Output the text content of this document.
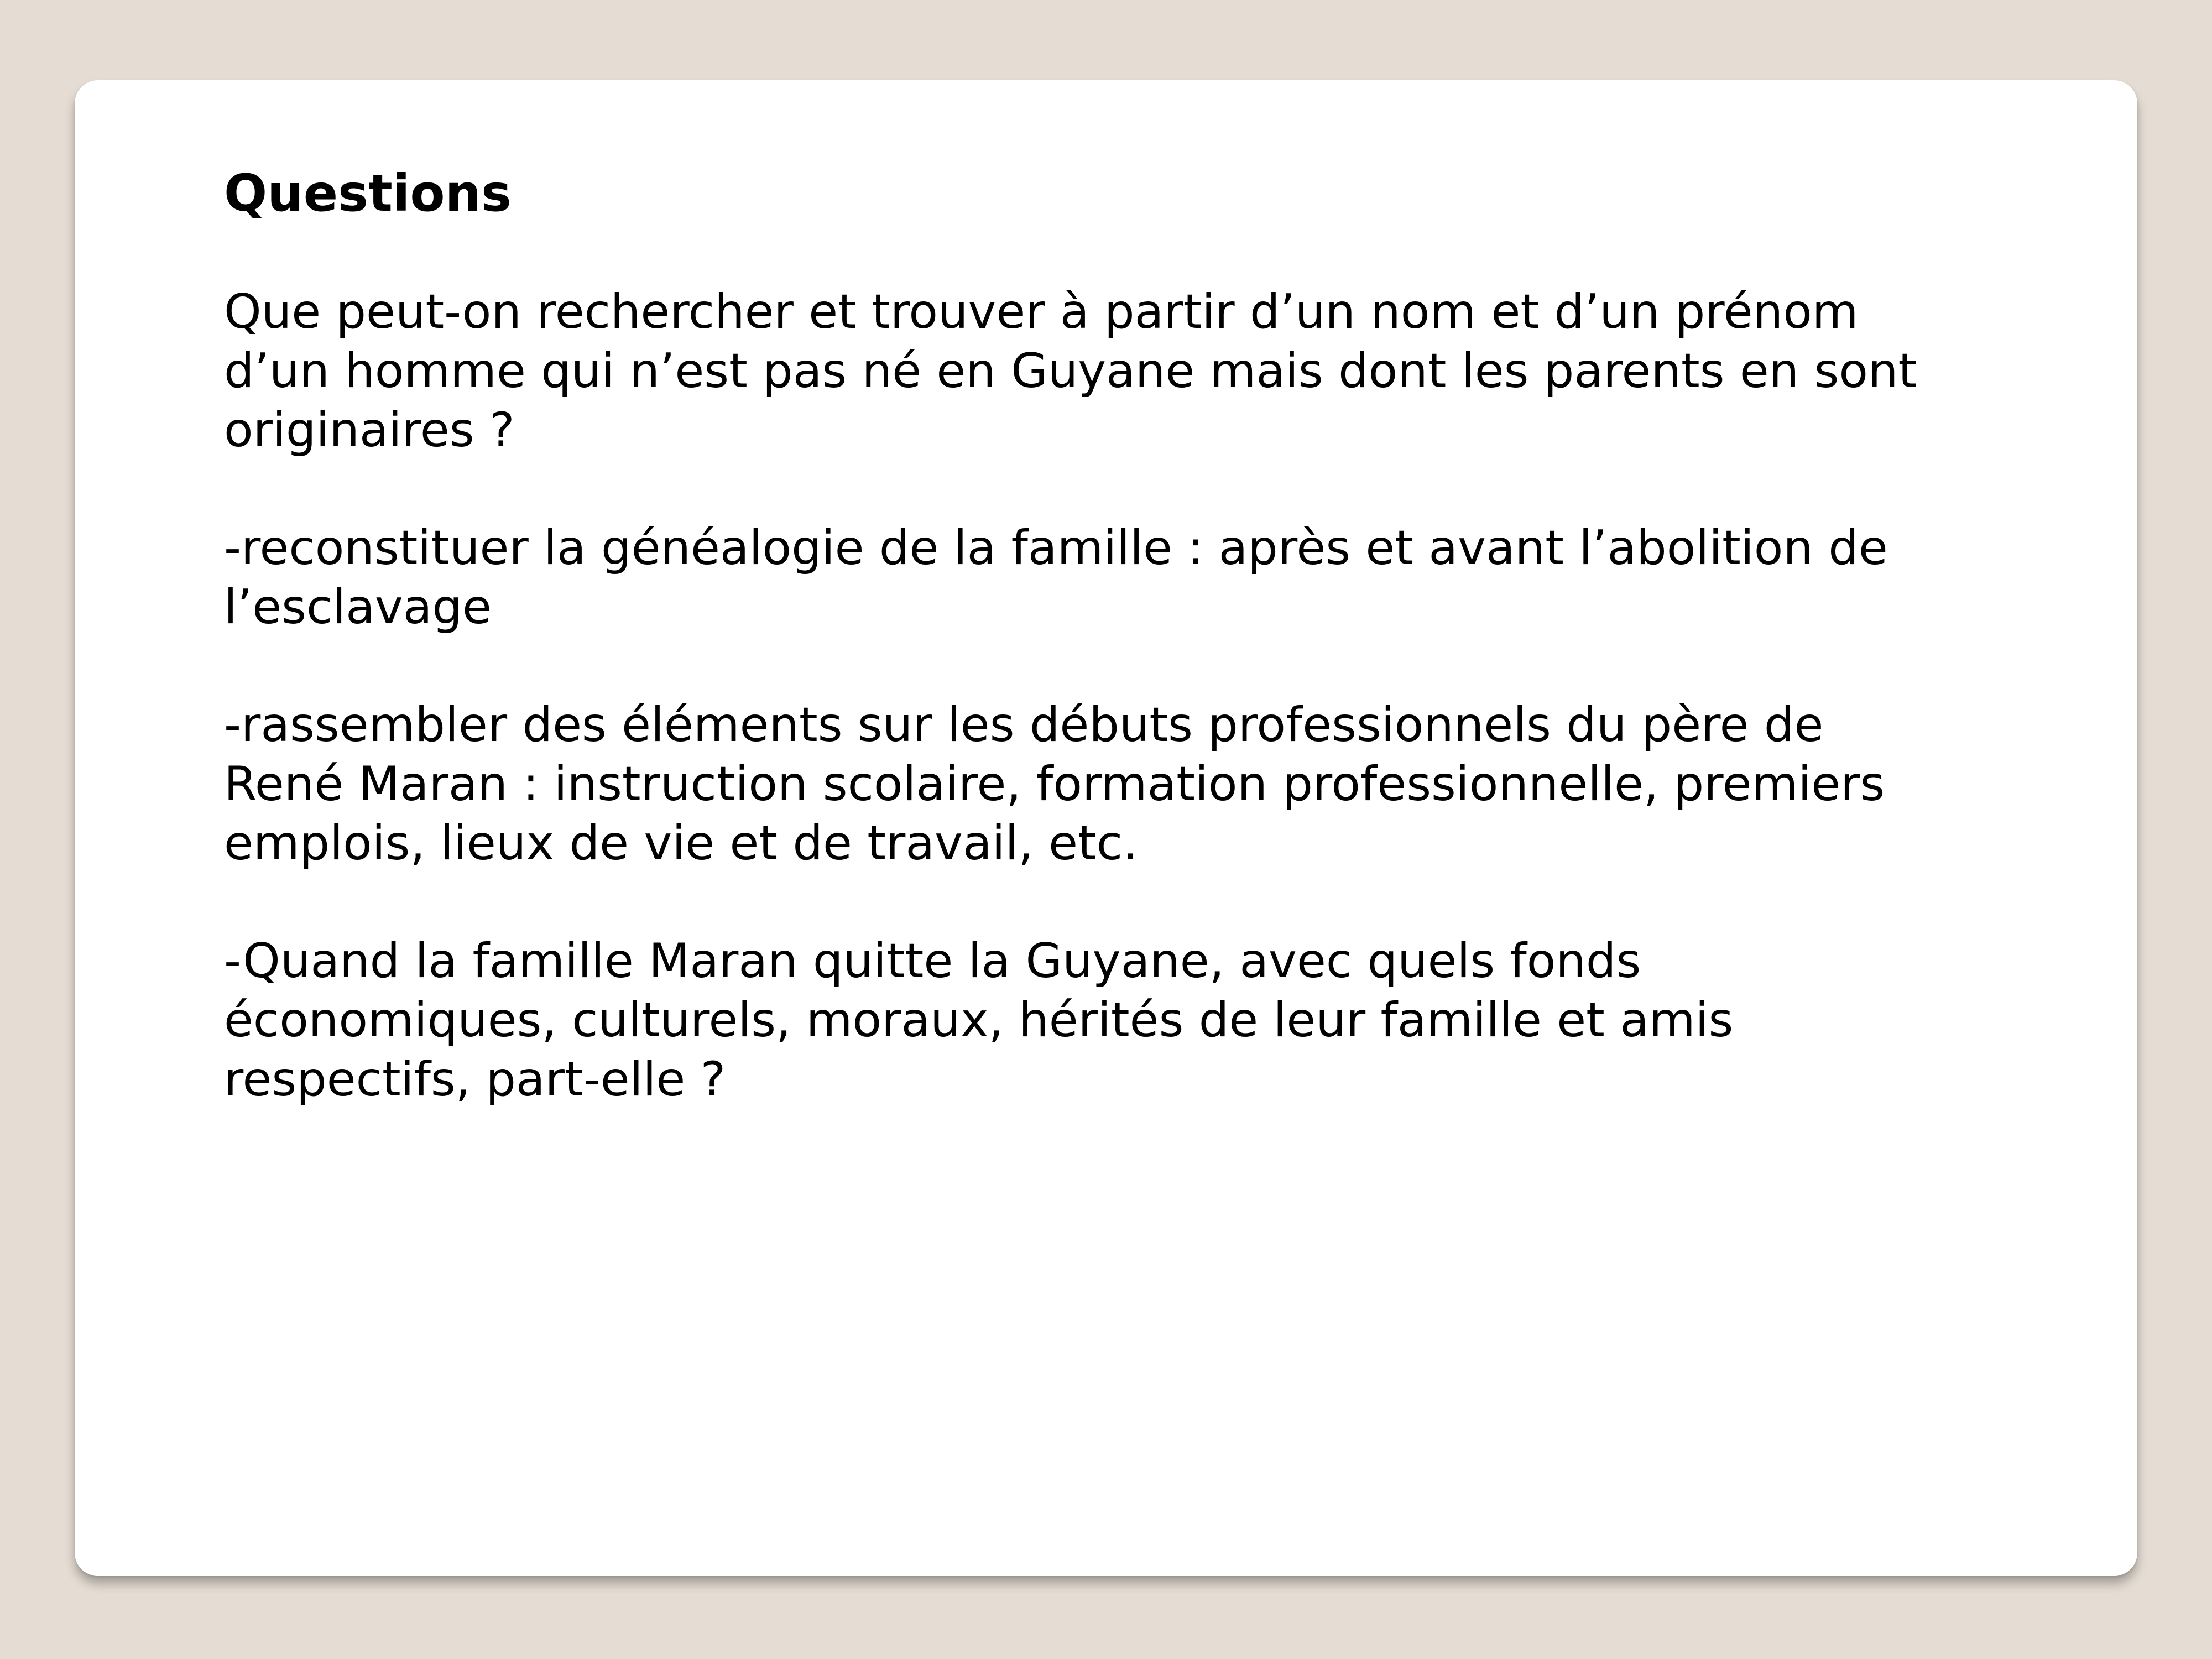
Questions

Que peut-on rechercher et trouver à partir d’un nom et d’un prénom
d’un homme qui n’est pas né en Guyane mais dont les parents en sont
originaires ?

-reconstituer la généalogie de la famille : après et avant l’abolition de
l’esclavage

-rassembler des éléments sur les débuts professionnels du père de
René Maran : instruction scolaire, formation professionnelle, premiers
emplois, lieux de vie et de travail, etc.

-Quand la famille Maran quitte la Guyane, avec quels fonds
économiques, culturels, moraux, hérités de leur famille et amis
respectifs, part-elle ?
